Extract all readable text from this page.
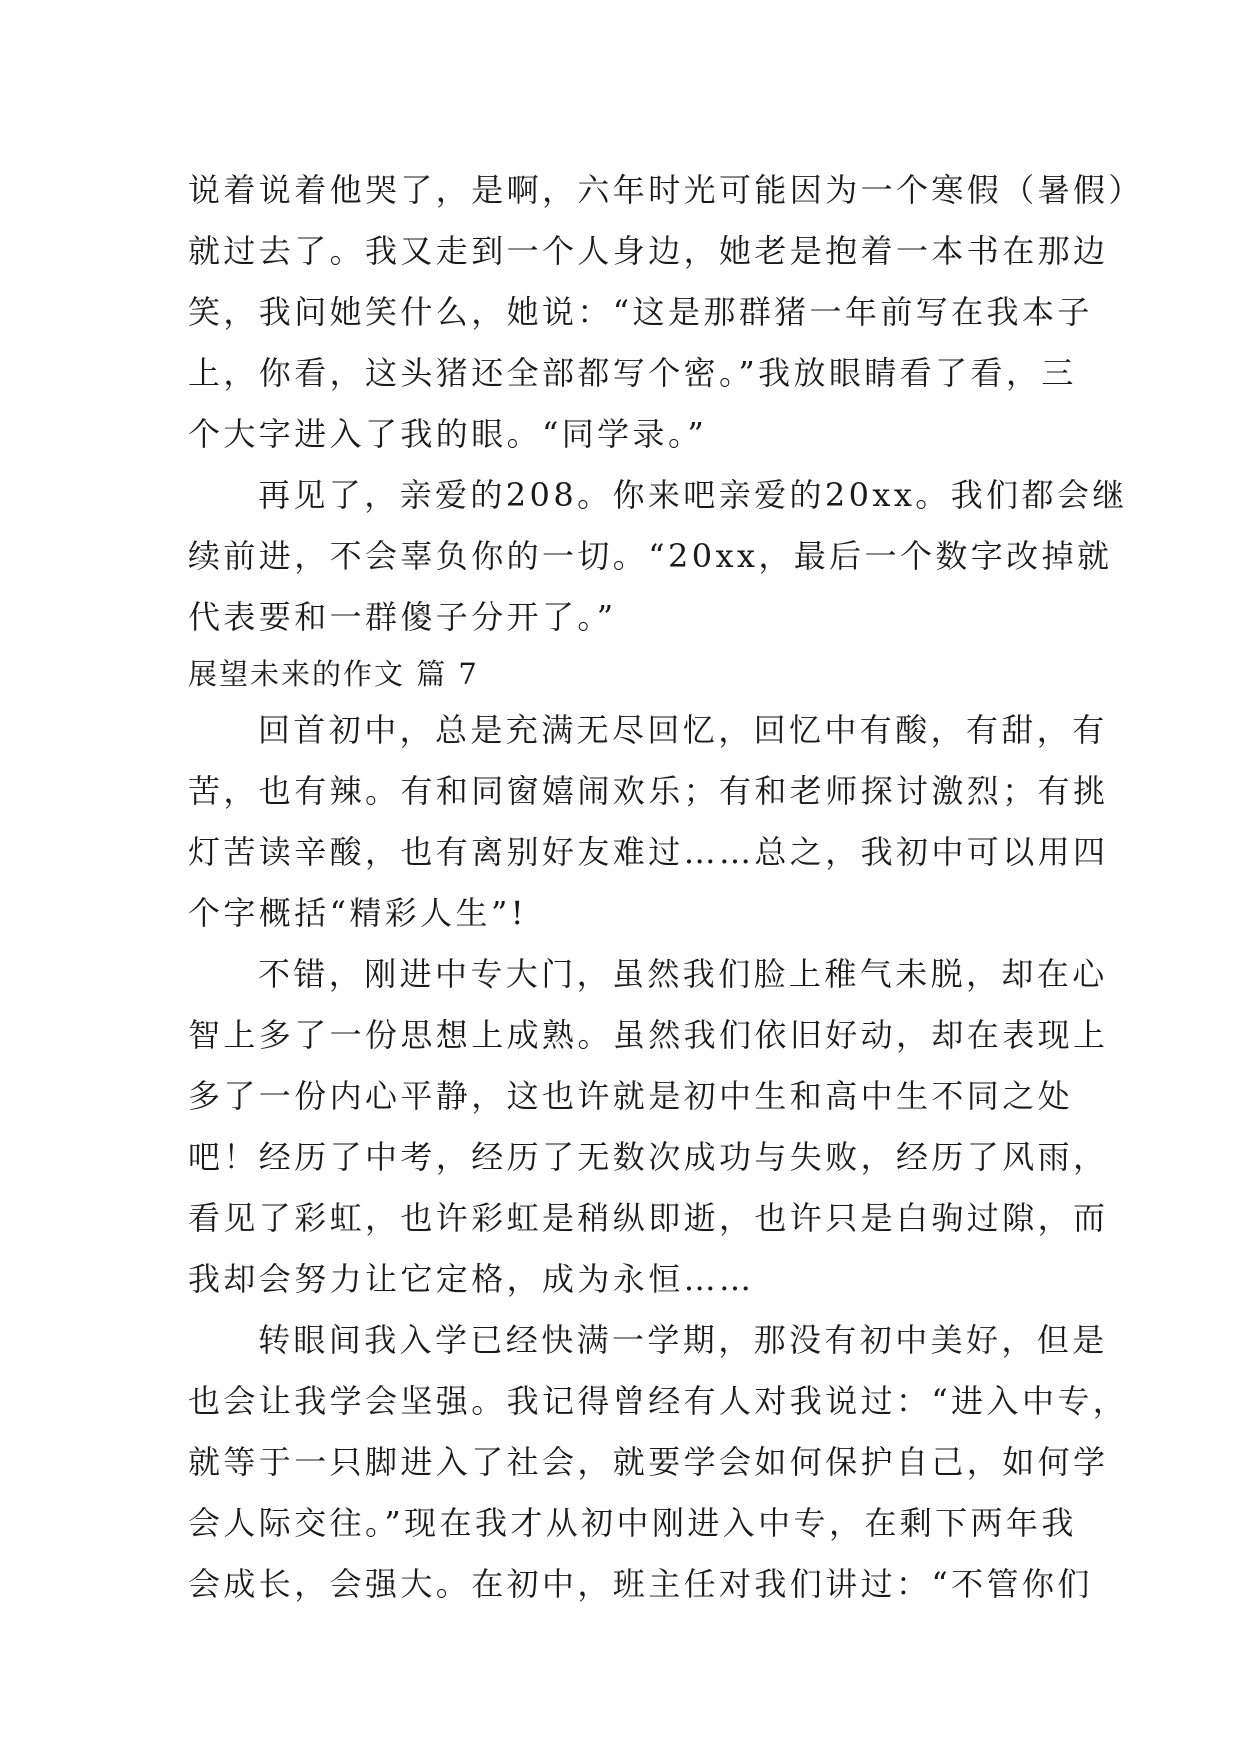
说着说着他哭了，是啊，六年时光可能因为一个寒假（暑假）
就过去了。我又走到一个人身边，她老是抱着一本书在那边
笑，我问她笑什么，她说：“这是那群猪一年前写在我本子
上，你看，这头猪还全部都写个密。”我放眼睛看了看，三
个大字进入了我的眼。“同学录。”
再见了，亲爱的208。你来吧亲爱的20xx。我们都会继
续前进，不会辜负你的一切。“20xx，最后一个数字改掉就
代表要和一群傻子分开了。”
展望未来的作文 篇 7
回首初中，总是充满无尽回忆，回忆中有酸，有甜，有
苦，也有辣。有和同窗嬉闹欢乐；有和老师探讨激烈；有挑
灯苦读辛酸，也有离别好友难过……总之，我初中可以用四
个字概括“精彩人生”!
不错，刚进中专大门，虽然我们脸上稚气未脱，却在心
智上多了一份思想上成熟。虽然我们依旧好动，却在表现上
多了一份内心平静，这也许就是初中生和高中生不同之处
吧！经历了中考，经历了无数次成功与失败，经历了风雨，
看见了彩虹，也许彩虹是稍纵即逝，也许只是白驹过隙，而
我却会努力让它定格，成为永恒……
转眼间我入学已经快满一学期，那没有初中美好，但是
也会让我学会坚强。我记得曾经有人对我说过：“进入中专，
就等于一只脚进入了社会，就要学会如何保护自己，如何学
会人际交往。”现在我才从初中刚进入中专，在剩下两年我
会成长，会强大。在初中，班主任对我们讲过：“不管你们
